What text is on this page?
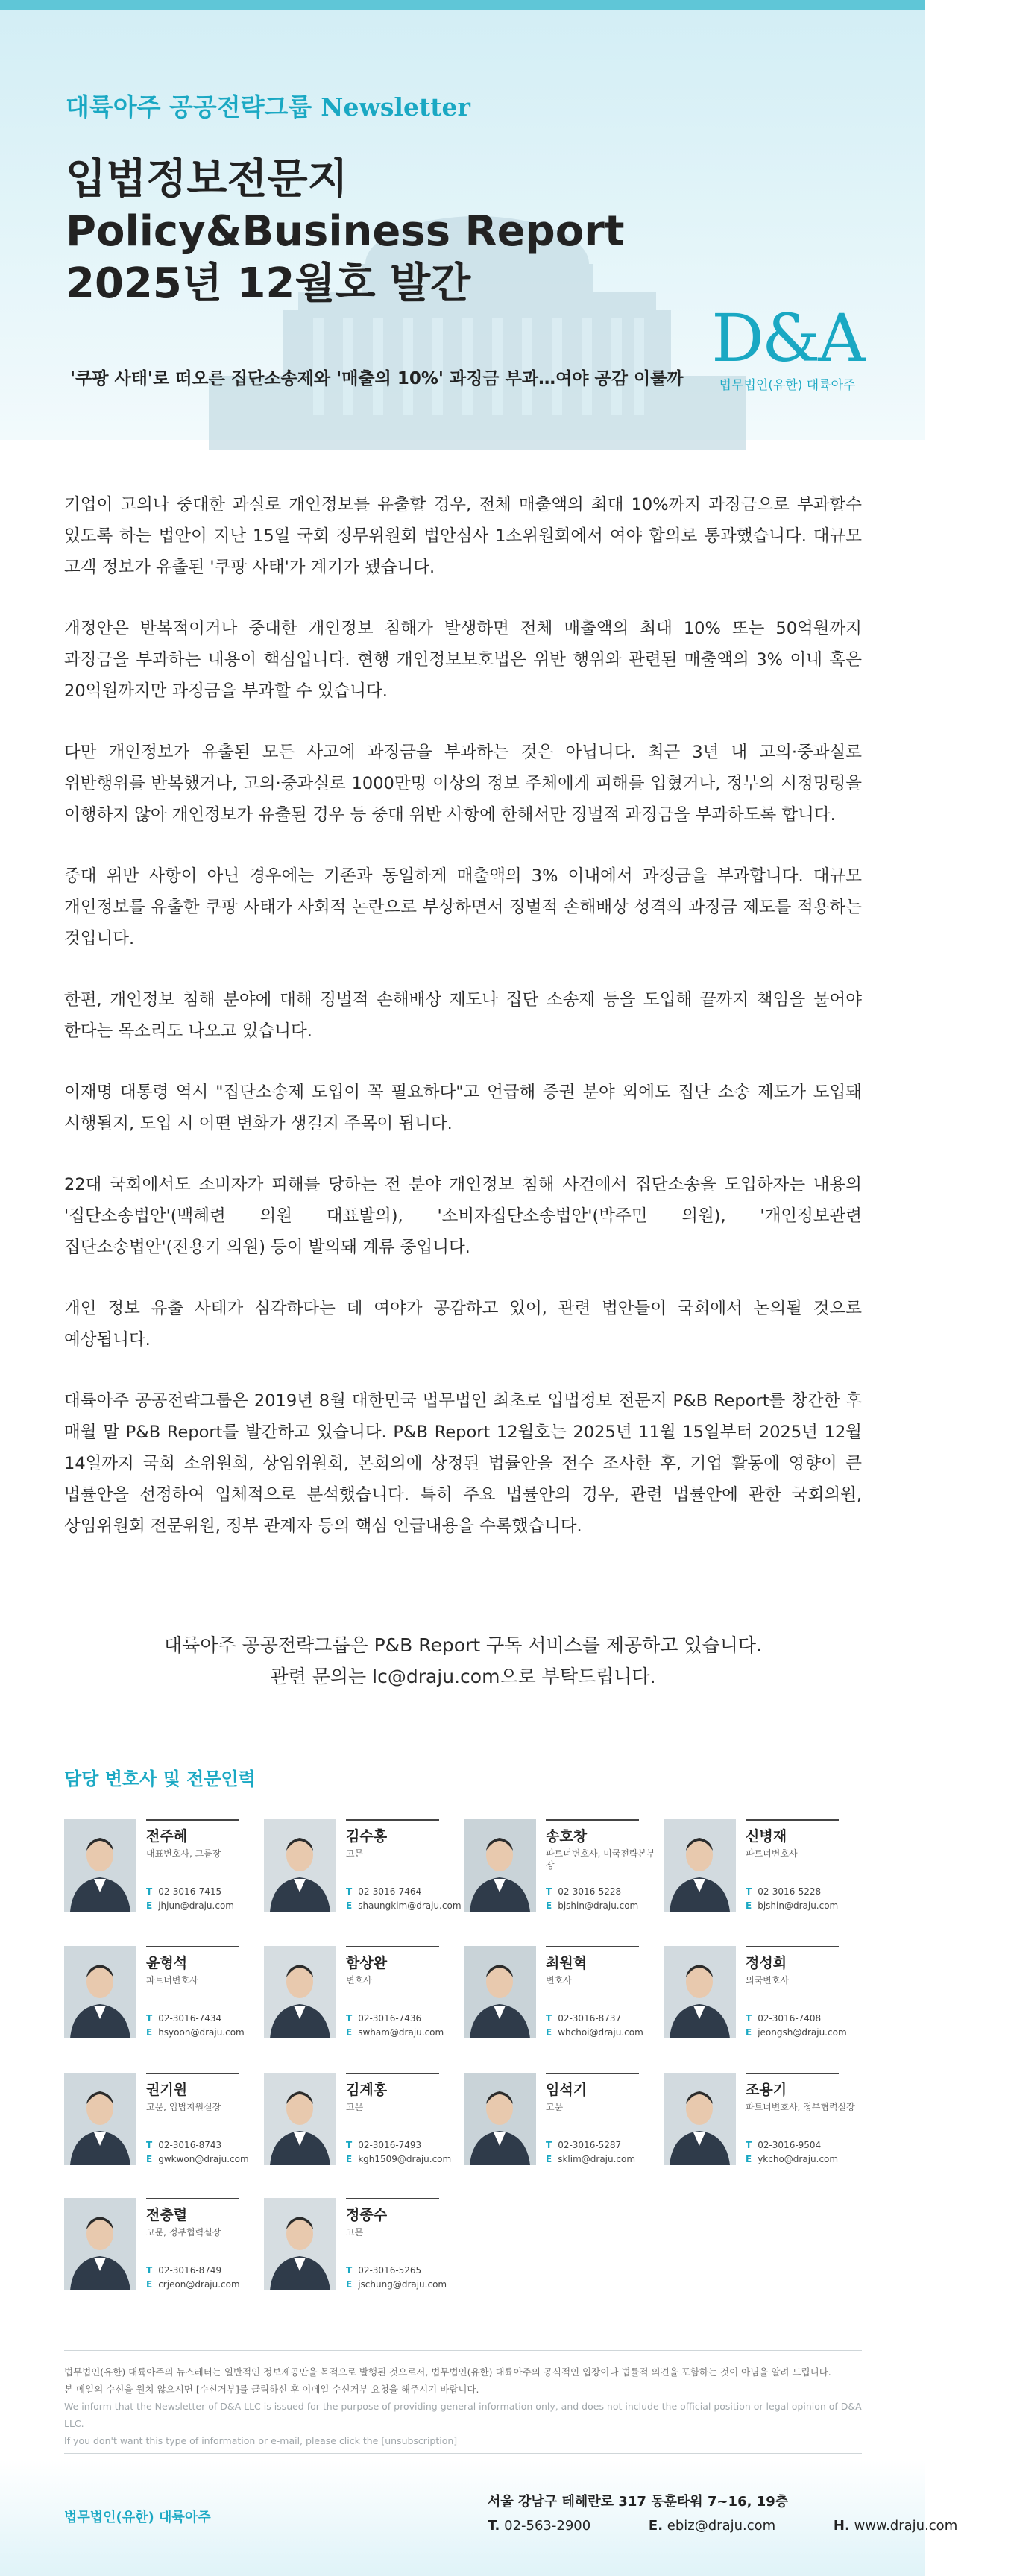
대륙아주 공공전략그룹 Newsletter
입법정보전문지
Policy&Business Report
2025년 12월호 발간
D&A
법무법인(유한) 대륙아주
'쿠팡 사태'로 떠오른 집단소송제와 '매출의 10%' 과징금 부과…여야 공감 이룰까

기업이 고의나 중대한 과실로 개인정보를 유출할 경우, 전체 매출액의 최대 10%까지 과징금으로 부과할수 있도록 하는 법안이 지난 15일 국회 정무위원회 법안심사 1소위원회에서 여야 합의로 통과했습니다. 대규모 고객 정보가 유출된 '쿠팡 사태'가 계기가 됐습니다.

개정안은 반복적이거나 중대한 개인정보 침해가 발생하면 전체 매출액의 최대 10% 또는 50억원까지 과징금을 부과하는 내용이 핵심입니다. 현행 개인정보보호법은 위반 행위와 관련된 매출액의 3% 이내 혹은 20억원까지만 과징금을 부과할 수 있습니다.

다만 개인정보가 유출된 모든 사고에 과징금을 부과하는 것은 아닙니다. 최근 3년 내 고의·중과실로 위반행위를 반복했거나, 고의·중과실로 1000만명 이상의 정보 주체에게 피해를 입혔거나, 정부의 시정명령을 이행하지 않아 개인정보가 유출된 경우 등 중대 위반 사항에 한해서만 징벌적 과징금을 부과하도록 합니다.

중대 위반 사항이 아닌 경우에는 기존과 동일하게 매출액의 3% 이내에서 과징금을 부과합니다. 대규모 개인정보를 유출한 쿠팡 사태가 사회적 논란으로 부상하면서 징벌적 손해배상 성격의 과징금 제도를 적용하는 것입니다.

한편, 개인정보 침해 분야에 대해 징벌적 손해배상 제도나 집단 소송제 등을 도입해 끝까지 책임을 물어야 한다는 목소리도 나오고 있습니다.

이재명 대통령 역시 "집단소송제 도입이 꼭 필요하다"고 언급해 증권 분야 외에도 집단 소송 제도가 도입돼 시행될지, 도입 시 어떤 변화가 생길지 주목이 됩니다.

22대 국회에서도 소비자가 피해를 당하는 전 분야 개인정보 침해 사건에서 집단소송을 도입하자는 내용의 '집단소송법안'(백혜련 의원 대표발의), '소비자집단소송법안'(박주민 의원), '개인정보관련 집단소송법안'(전용기 의원) 등이 발의돼 계류 중입니다.

개인 정보 유출 사태가 심각하다는 데 여야가 공감하고 있어, 관련 법안들이 국회에서 논의될 것으로 예상됩니다.

대륙아주 공공전략그룹은 2019년 8월 대한민국 법무법인 최초로 입법정보 전문지 P&B Report를 창간한 후 매월 말 P&B Report를 발간하고 있습니다. P&B Report 12월호는 2025년 11월 15일부터 2025년 12월 14일까지 국회 소위원회, 상임위원회, 본회의에 상정된 법률안을 전수 조사한 후, 기업 활동에 영향이 큰 법률안을 선정하여 입체적으로 분석했습니다. 특히 주요 법률안의 경우, 관련 법률안에 관한 국회의원, 상임위원회 전문위원, 정부 관계자 등의 핵심 언급내용을 수록했습니다.

대륙아주 공공전략그룹은 P&B Report 구독 서비스를 제공하고 있습니다.
관련 문의는 lc@draju.com으로 부탁드립니다.
담당 변호사 및 전문인력
전주혜
대표변호사, 그룹장
T 02-3016-7415
E jhjun@draju.com
김수홍
고문
T 02-3016-7464
E shaungkim@draju.com
송호창
파트너변호사, 미국전략본부장
T 02-3016-5228
E bjshin@draju.com
신병재
파트너변호사
T 02-3016-5228
E bjshin@draju.com
윤형석
파트너변호사
T 02-3016-7434
E hsyoon@draju.com
함상완
변호사
T 02-3016-7436
E swham@draju.com
최원혁
변호사
T 02-3016-8737
E whchoi@draju.com
정성희
외국변호사
T 02-3016-7408
E jeongsh@draju.com
권기원
고문, 입법지원실장
T 02-3016-8743
E gwkwon@draju.com
김계홍
고문
T 02-3016-7493
E kgh1509@draju.com
임석기
고문
T 02-3016-5287
E sklim@draju.com
조용기
파트너변호사, 정부협력실장
T 02-3016-9504
E ykcho@draju.com
전충렬
고문, 정부협력실장
T 02-3016-8749
E crjeon@draju.com
정종수
고문
T 02-3016-5265
E jschung@draju.com
법무법인(유한) 대륙아주의 뉴스레터는 일반적인 정보제공만을 목적으로 발행된 것으로서, 법무법인(유한) 대륙아주의 공식적인 입장이나 법률적 의견을 포함하는 것이 아님을 알려 드립니다.
본 메일의 수신을 원치 않으시면 [수신거부]를 클릭하신 후 이메일 수신거부 요청을 해주시기 바랍니다.
We inform that the Newsletter of D&A LLC is issued for the purpose of providing general information only, and does not include the official position or legal opinion of D&A LLC.
If you don't want this type of information or e-mail, please click the [unsubscription]
법무법인(유한) 대륙아주
서울 강남구 테헤란로 317 동훈타워 7~16, 19층
T. 02-563-2900	E. ebiz@draju.com	H. www.draju.com
